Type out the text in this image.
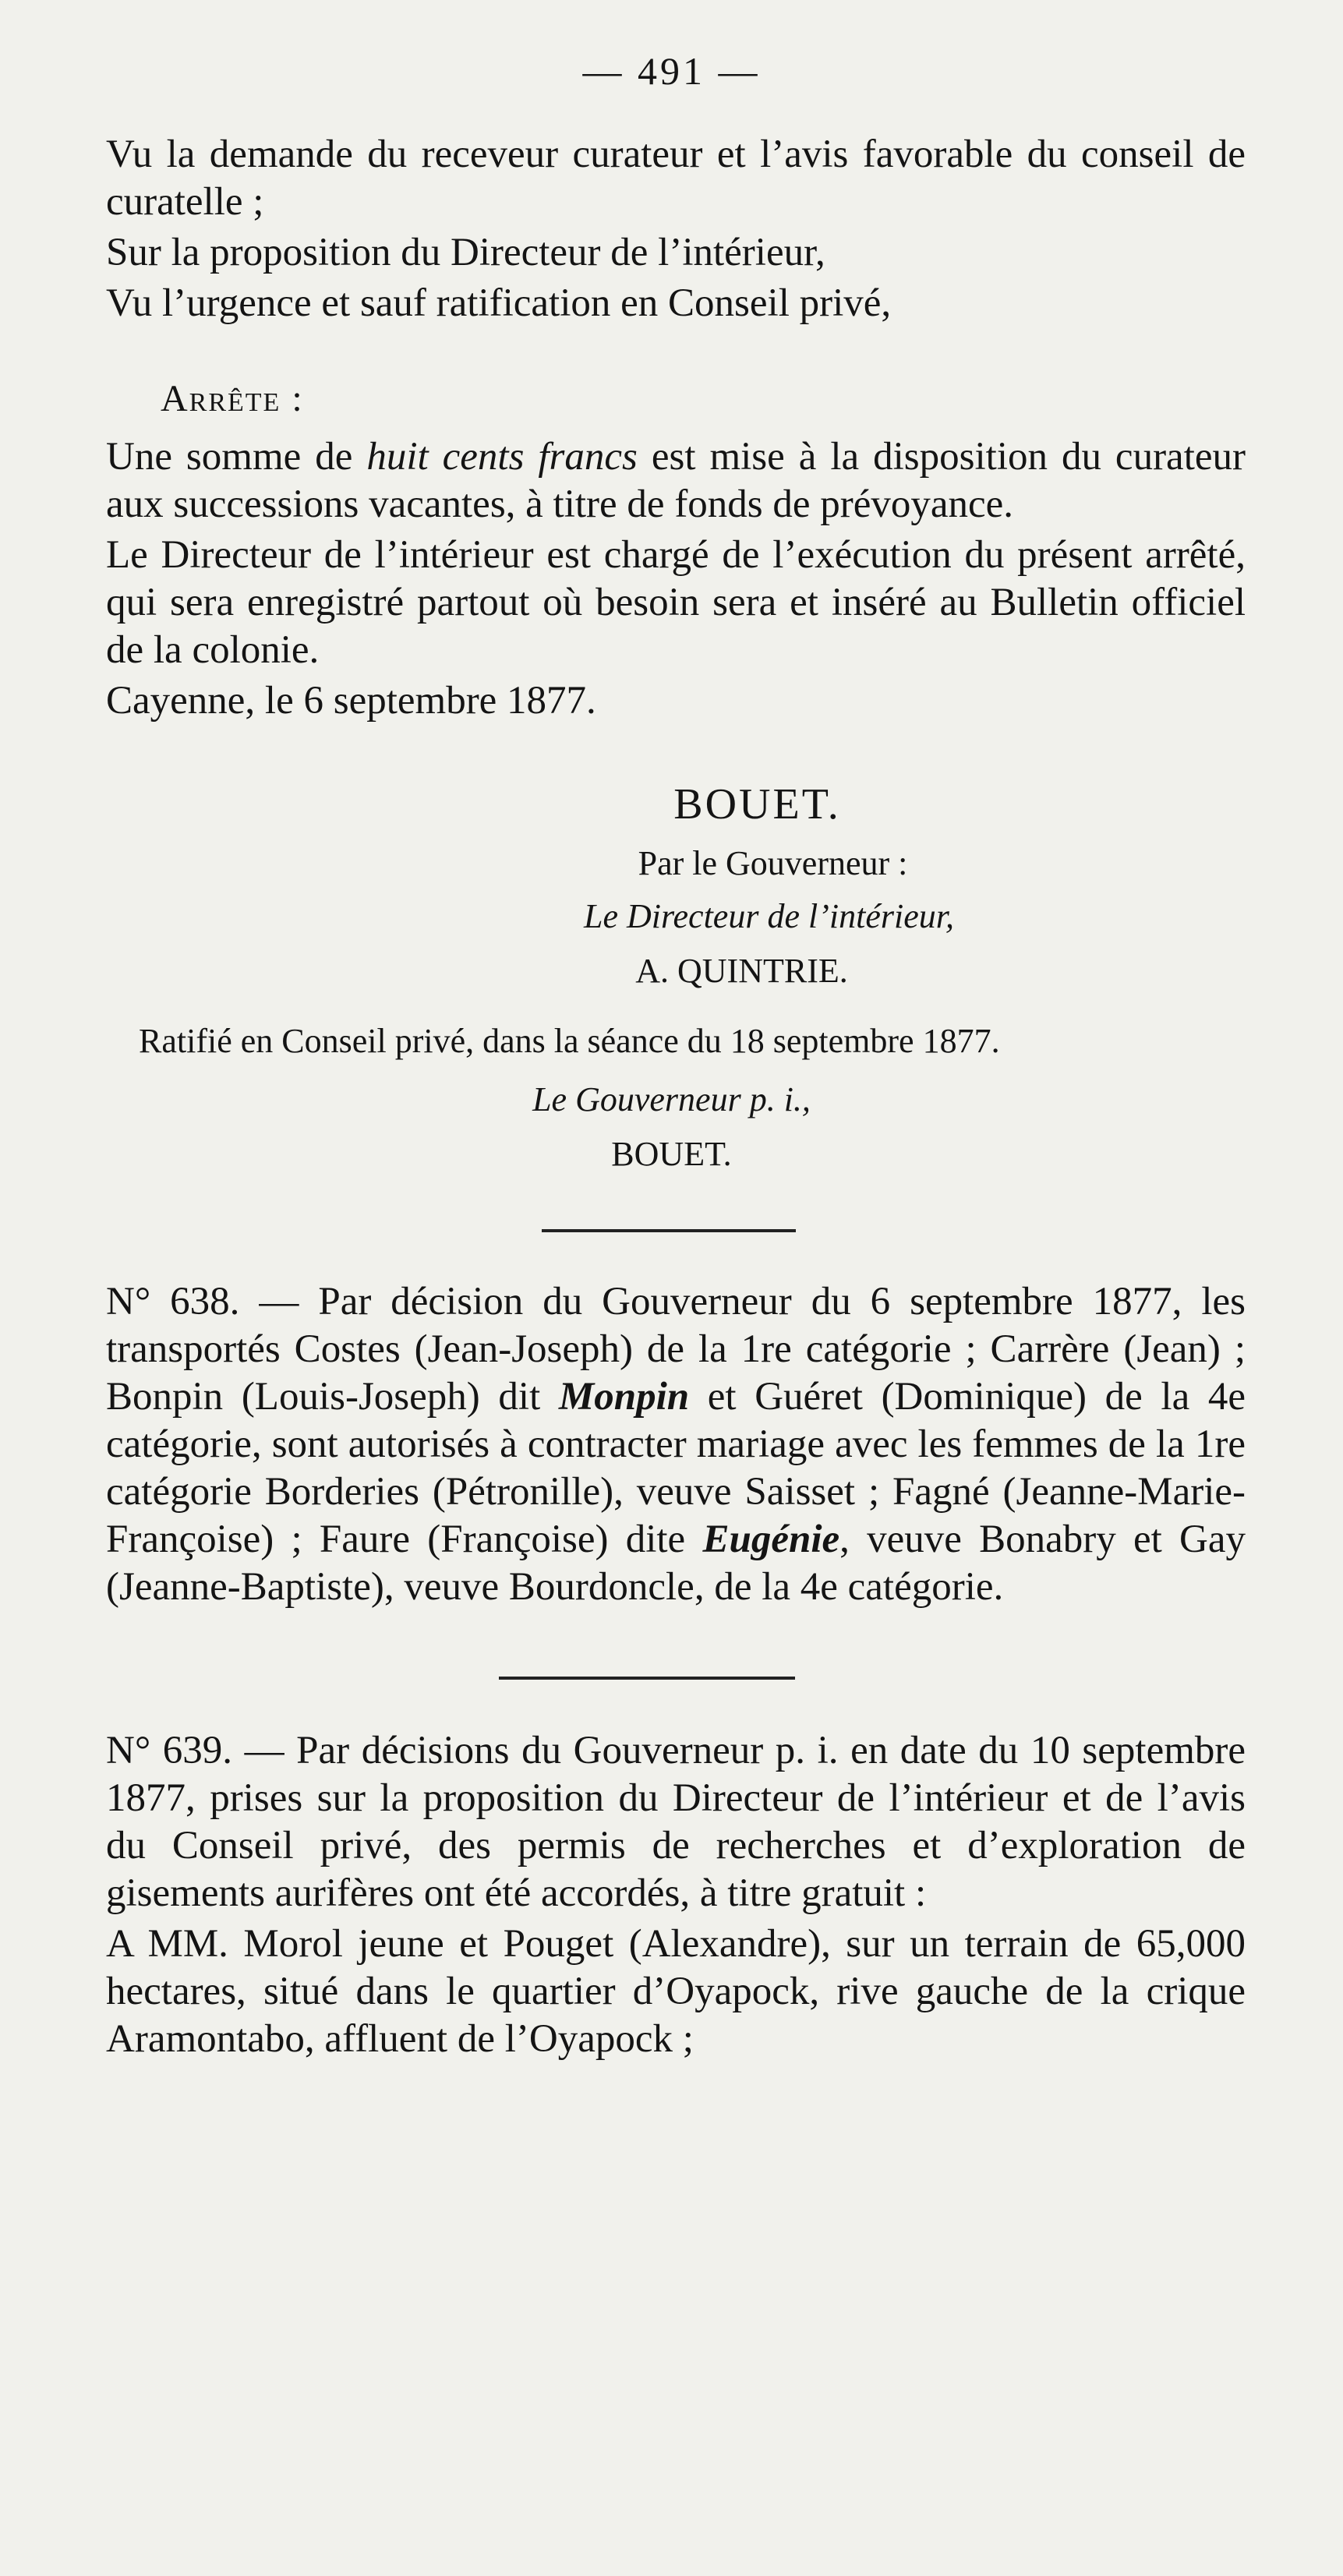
— 491 —

Vu la demande du receveur curateur et l’avis favorable du conseil de curatelle ;

Sur la proposition du Directeur de l’intérieur,

Vu l’urgence et sauf ratification en Conseil privé,

Arrête :

Une somme de huit cents francs est mise à la disposition du curateur aux successions vacantes, à titre de fonds de prévoyance.

Le Directeur de l’intérieur est chargé de l’exécution du présent arrêté, qui sera enregistré partout où besoin sera et inséré au Bulletin officiel de la colonie.

Cayenne, le 6 septembre 1877.

BOUET.
Par le Gouverneur :
Le Directeur de l’intérieur,
A. QUINTRIE.
Ratifié en Conseil privé, dans la séance du 18 septembre 1877.
Le Gouverneur p. i.,
BOUET.

N° 638. — Par décision du Gouverneur du 6 septembre 1877, les transportés Costes (Jean-Joseph) de la 1re catégorie ; Carrère (Jean) ; Bonpin (Louis-Joseph) dit Monpin et Guéret (Dominique) de la 4e catégorie, sont autorisés à contracter mariage avec les femmes de la 1re catégorie Borderies (Pétronille), veuve Saisset ; Fagné (Jeanne-Marie-Françoise) ; Faure (Françoise) dite Eugénie, veuve Bonabry et Gay (Jeanne-Baptiste), veuve Bourdoncle, de la 4e catégorie.

N° 639. — Par décisions du Gouverneur p. i. en date du 10 septembre 1877, prises sur la proposition du Directeur de l’intérieur et de l’avis du Conseil privé, des permis de recherches et d’exploration de gisements aurifères ont été accordés, à titre gratuit :

A MM. Morol jeune et Pouget (Alexandre), sur un terrain de 65,000 hectares, situé dans le quartier d’Oyapock, rive gauche de la crique Aramontabo, affluent de l’Oyapock ;
